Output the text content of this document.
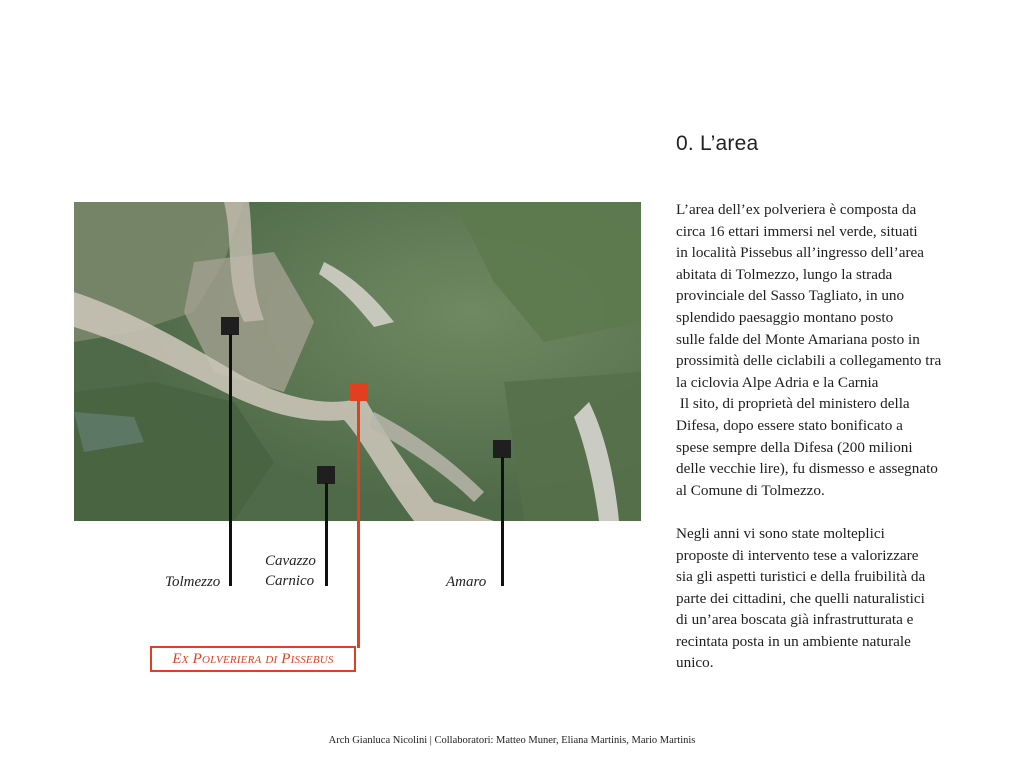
0. L’area
L’area dell’ex polveriera è composta da
circa 16 ettari immersi nel verde, situati
in località Pissebus all’ingresso dell’area
abitata di Tolmezzo, lungo la strada
provinciale del Sasso Tagliato, in uno
splendido paesaggio montano posto
sulle falde del Monte Amariana posto in
prossimità delle ciclabili a collegamento tra
la ciclovia Alpe Adria e la Carnia
Il sito, di proprietà del ministero della
Difesa, dopo essere stato bonificato a
spese sempre della Difesa (200 milioni
delle vecchie lire), fu dismesso e assegnato
al Comune di Tolmezzo.
Negli anni vi sono state molteplici
proposte di intervento tese a valorizzare
sia gli aspetti turistici e della fruibilità da
parte dei cittadini, che quelli naturalistici
di un’area boscata già infrastrutturata e
recintata posta in un ambiente naturale
unico.
Tolmezzo
Cavazzo
Carnico	Amaro
Ex Polveriera di Pissebus
Arch Gianluca Nicolini | Collaboratori: Matteo Muner, Eliana Martinis, Mario Martinis
